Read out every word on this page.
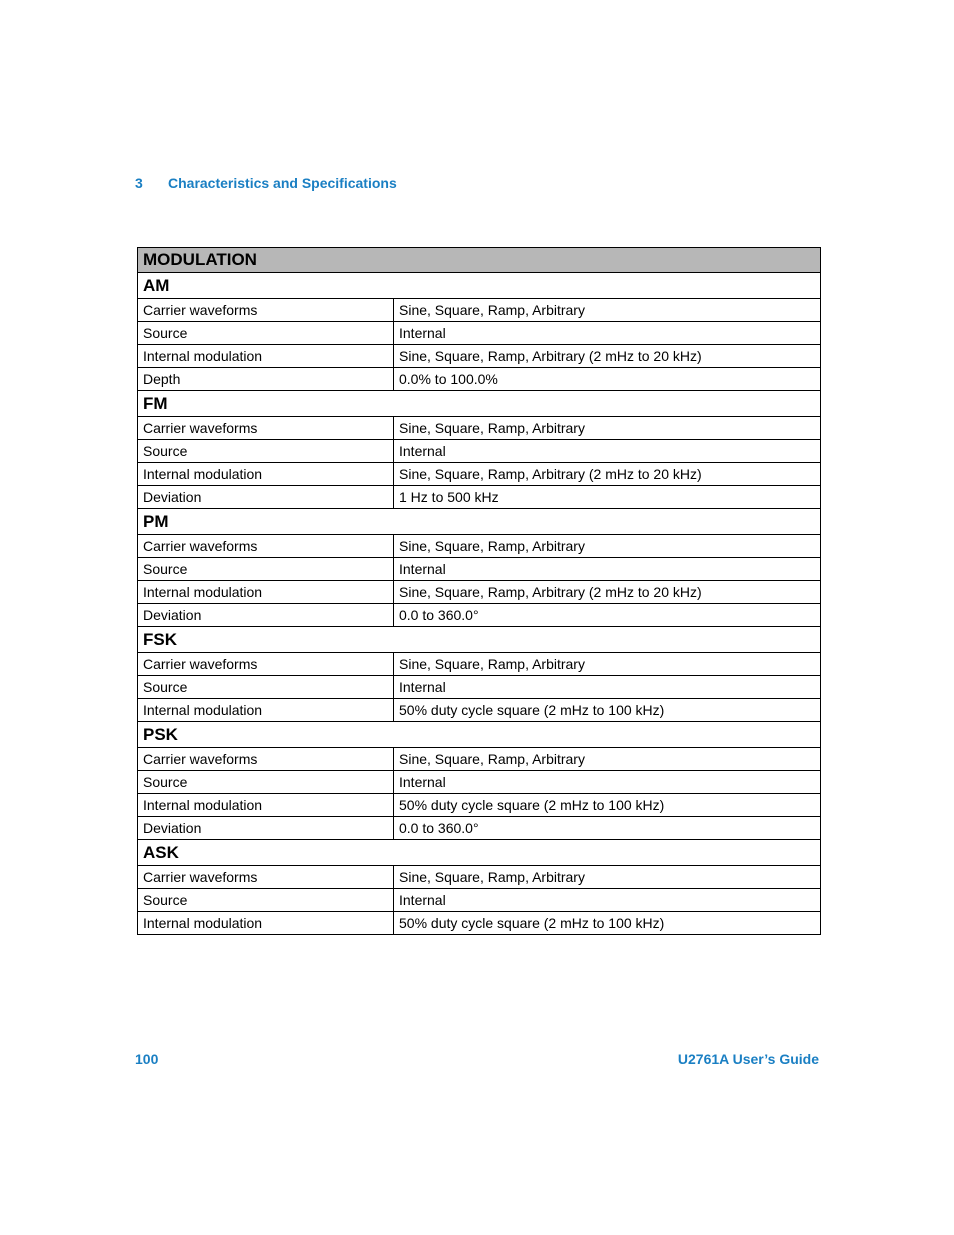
3 Characteristics and Specifications
MODULATION	
AM	
Carrier waveforms	Sine, Square, Ramp, Arbitrary
Source	Internal
Internal modulation	Sine, Square, Ramp, Arbitrary (2 mHz to 20 kHz)
Depth	0.0% to 100.0%
FM	
Carrier waveforms	Sine, Square, Ramp, Arbitrary
Source	Internal
Internal modulation	Sine, Square, Ramp, Arbitrary (2 mHz to 20 kHz)
Deviation	1 Hz to 500 kHz
PM	
Carrier waveforms	Sine, Square, Ramp, Arbitrary
Source	Internal
Internal modulation	Sine, Square, Ramp, Arbitrary (2 mHz to 20 kHz)
Deviation	0.0 to 360.0°
FSK	
Carrier waveforms	Sine, Square, Ramp, Arbitrary
Source	Internal
Internal modulation	50% duty cycle square (2 mHz to 100 kHz)
PSK	
Carrier waveforms	Sine, Square, Ramp, Arbitrary
Source	Internal
Internal modulation	50% duty cycle square (2 mHz to 100 kHz)
Deviation	0.0 to 360.0°
ASK	
Carrier waveforms	Sine, Square, Ramp, Arbitrary
Source	Internal
Internal modulation	50% duty cycle square (2 mHz to 100 kHz)
100	U2761A User’s Guide
